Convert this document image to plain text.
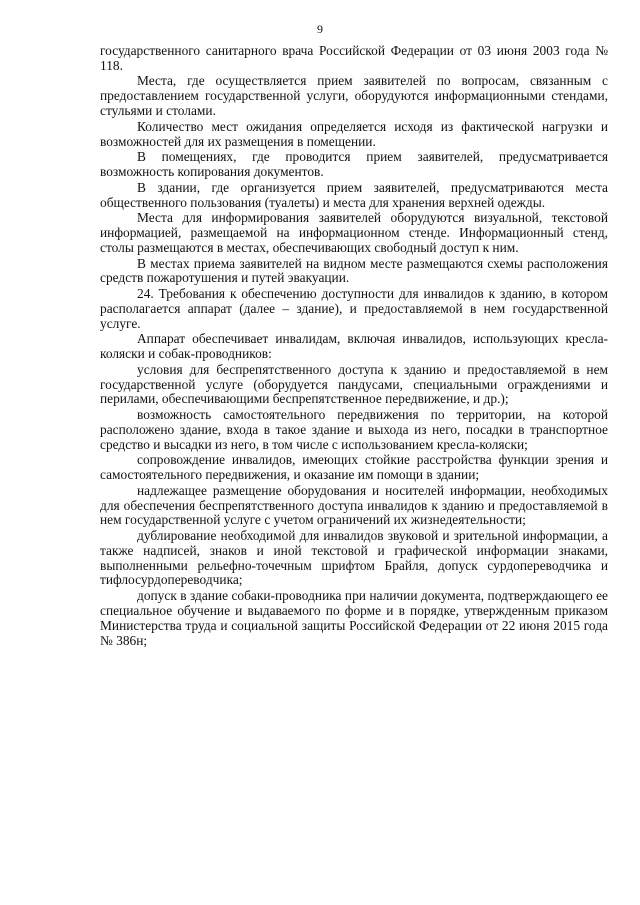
9

государственного санитарного врача Российской Федерации от 03 июня 2003 года № 118.

Места, где осуществляется прием заявителей по вопросам, связанным с предоставлением государственной услуги, оборудуются информационными стендами, стульями и столами.

Количество мест ожидания определяется исходя из фактической нагрузки и возможностей для их размещения в помещении.

В помещениях, где проводится прием заявителей, предусматривается возможность копирования документов.

В здании, где организуется прием заявителей, предусматриваются места общественного пользования (туалеты) и места для хранения верхней одежды.

Места для информирования заявителей оборудуются визуальной, текстовой информацией, размещаемой на информационном стенде. Информационный стенд, столы размещаются в местах, обеспечивающих свободный доступ к ним.

В местах приема заявителей на видном месте размещаются схемы расположения средств пожаротушения и путей эвакуации.

24. Требования к обеспечению доступности для инвалидов к зданию, в котором располагается аппарат (далее – здание), и предоставляемой в нем государственной услуге.

Аппарат обеспечивает инвалидам, включая инвалидов, использующих кресла-коляски и собак-проводников:

условия для беспрепятственного доступа к зданию и предоставляемой в нем государственной услуге (оборудуется пандусами, специальными ограждениями и перилами, обеспечивающими беспрепятственное передвижение, и др.);

возможность самостоятельного передвижения по территории, на которой расположено здание, входа в такое здание и выхода из него, посадки в транспортное средство и высадки из него, в том числе с использованием кресла-коляски;

сопровождение инвалидов, имеющих стойкие расстройства функции зрения и самостоятельного передвижения, и оказание им помощи в здании;

надлежащее размещение оборудования и носителей информации, необходимых для обеспечения беспрепятственного доступа инвалидов к зданию и предоставляемой в нем государственной услуге с учетом ограничений их жизнедеятельности;

дублирование необходимой для инвалидов звуковой и зрительной информации, а также надписей, знаков и иной текстовой и графической информации знаками, выполненными рельефно-точечным шрифтом Брайля, допуск сурдопереводчика и тифлосурдопереводчика;

допуск в здание собаки-проводника при наличии документа, подтверждающего ее специальное обучение и выдаваемого по форме и в порядке, утвержденным приказом Министерства труда и социальной защиты Российской Федерации от 22 июня 2015 года № 386н;
